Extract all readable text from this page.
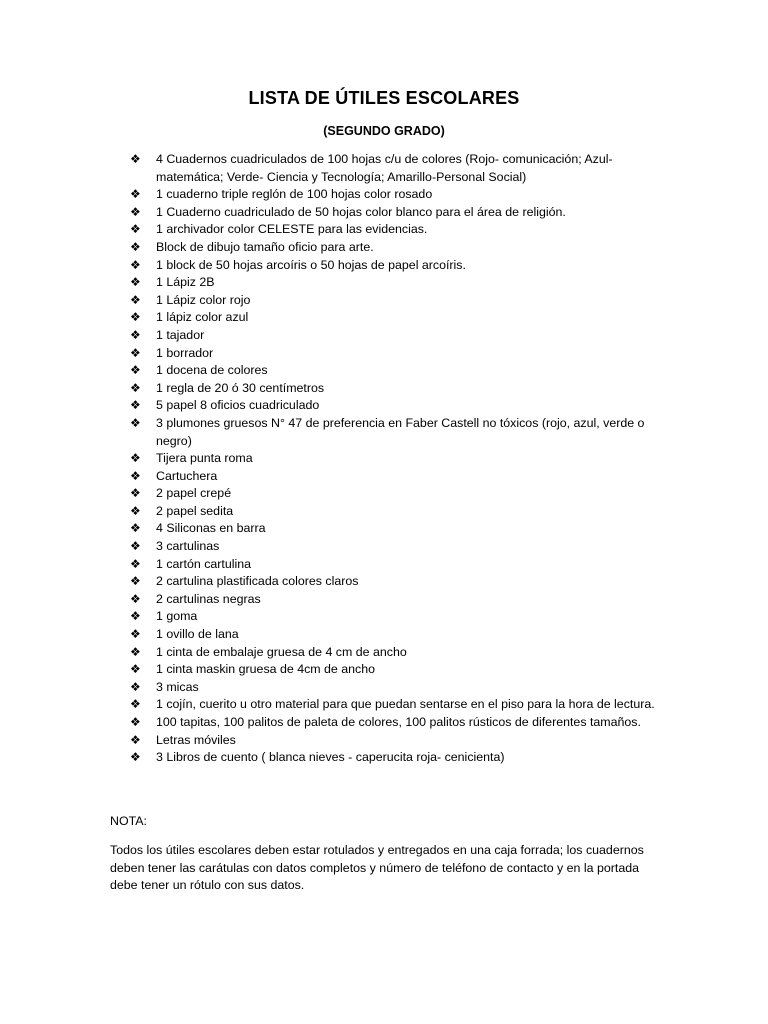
LISTA DE ÚTILES ESCOLARES
(SEGUNDO GRADO)
❖	4 Cuadernos cuadriculados de 100 hojas c/u de colores (Rojo- comunicación; Azul- matemática; Verde- Ciencia y Tecnología; Amarillo-Personal Social)
❖	1 cuaderno triple reglón de 100 hojas color rosado
❖	1 Cuaderno cuadriculado de 50 hojas color blanco para el área de religión.
❖	1 archivador color CELESTE para las evidencias.
❖	Block de dibujo tamaño oficio para arte.
❖	1 block de 50 hojas arcoíris o 50 hojas de papel arcoíris.
❖	1 Lápiz 2B
❖	1 Lápiz color rojo
❖	1 lápiz color azul
❖	1 tajador
❖	1 borrador
❖	1 docena de colores
❖	1 regla de 20 ó 30 centímetros
❖	5 papel 8 oficios cuadriculado
❖	3 plumones gruesos N° 47 de preferencia en Faber Castell no tóxicos (rojo, azul, verde o negro)
❖	Tijera punta roma
❖	Cartuchera
❖	2 papel crepé
❖	2 papel sedita
❖	4 Siliconas en barra
❖	3 cartulinas
❖	1 cartón cartulina
❖	2 cartulina plastificada colores claros
❖	2 cartulinas negras
❖	1 goma
❖	1 ovillo de lana
❖	1 cinta de embalaje gruesa de 4 cm de ancho
❖	1 cinta maskin gruesa de 4cm de ancho
❖	3 micas
❖	1 cojín, cuerito u otro material para que puedan sentarse en el piso para la hora de lectura.
❖	100 tapitas, 100 palitos de paleta de colores, 100 palitos rústicos de diferentes tamaños.
❖	Letras móviles
❖	3 Libros de cuento ( blanca nieves - caperucita roja- cenicienta)
NOTA:
Todos los útiles escolares deben estar rotulados y entregados en una caja forrada; los cuadernos deben tener las carátulas con datos completos y número de teléfono de contacto y en la portada debe tener un rótulo con sus datos.
